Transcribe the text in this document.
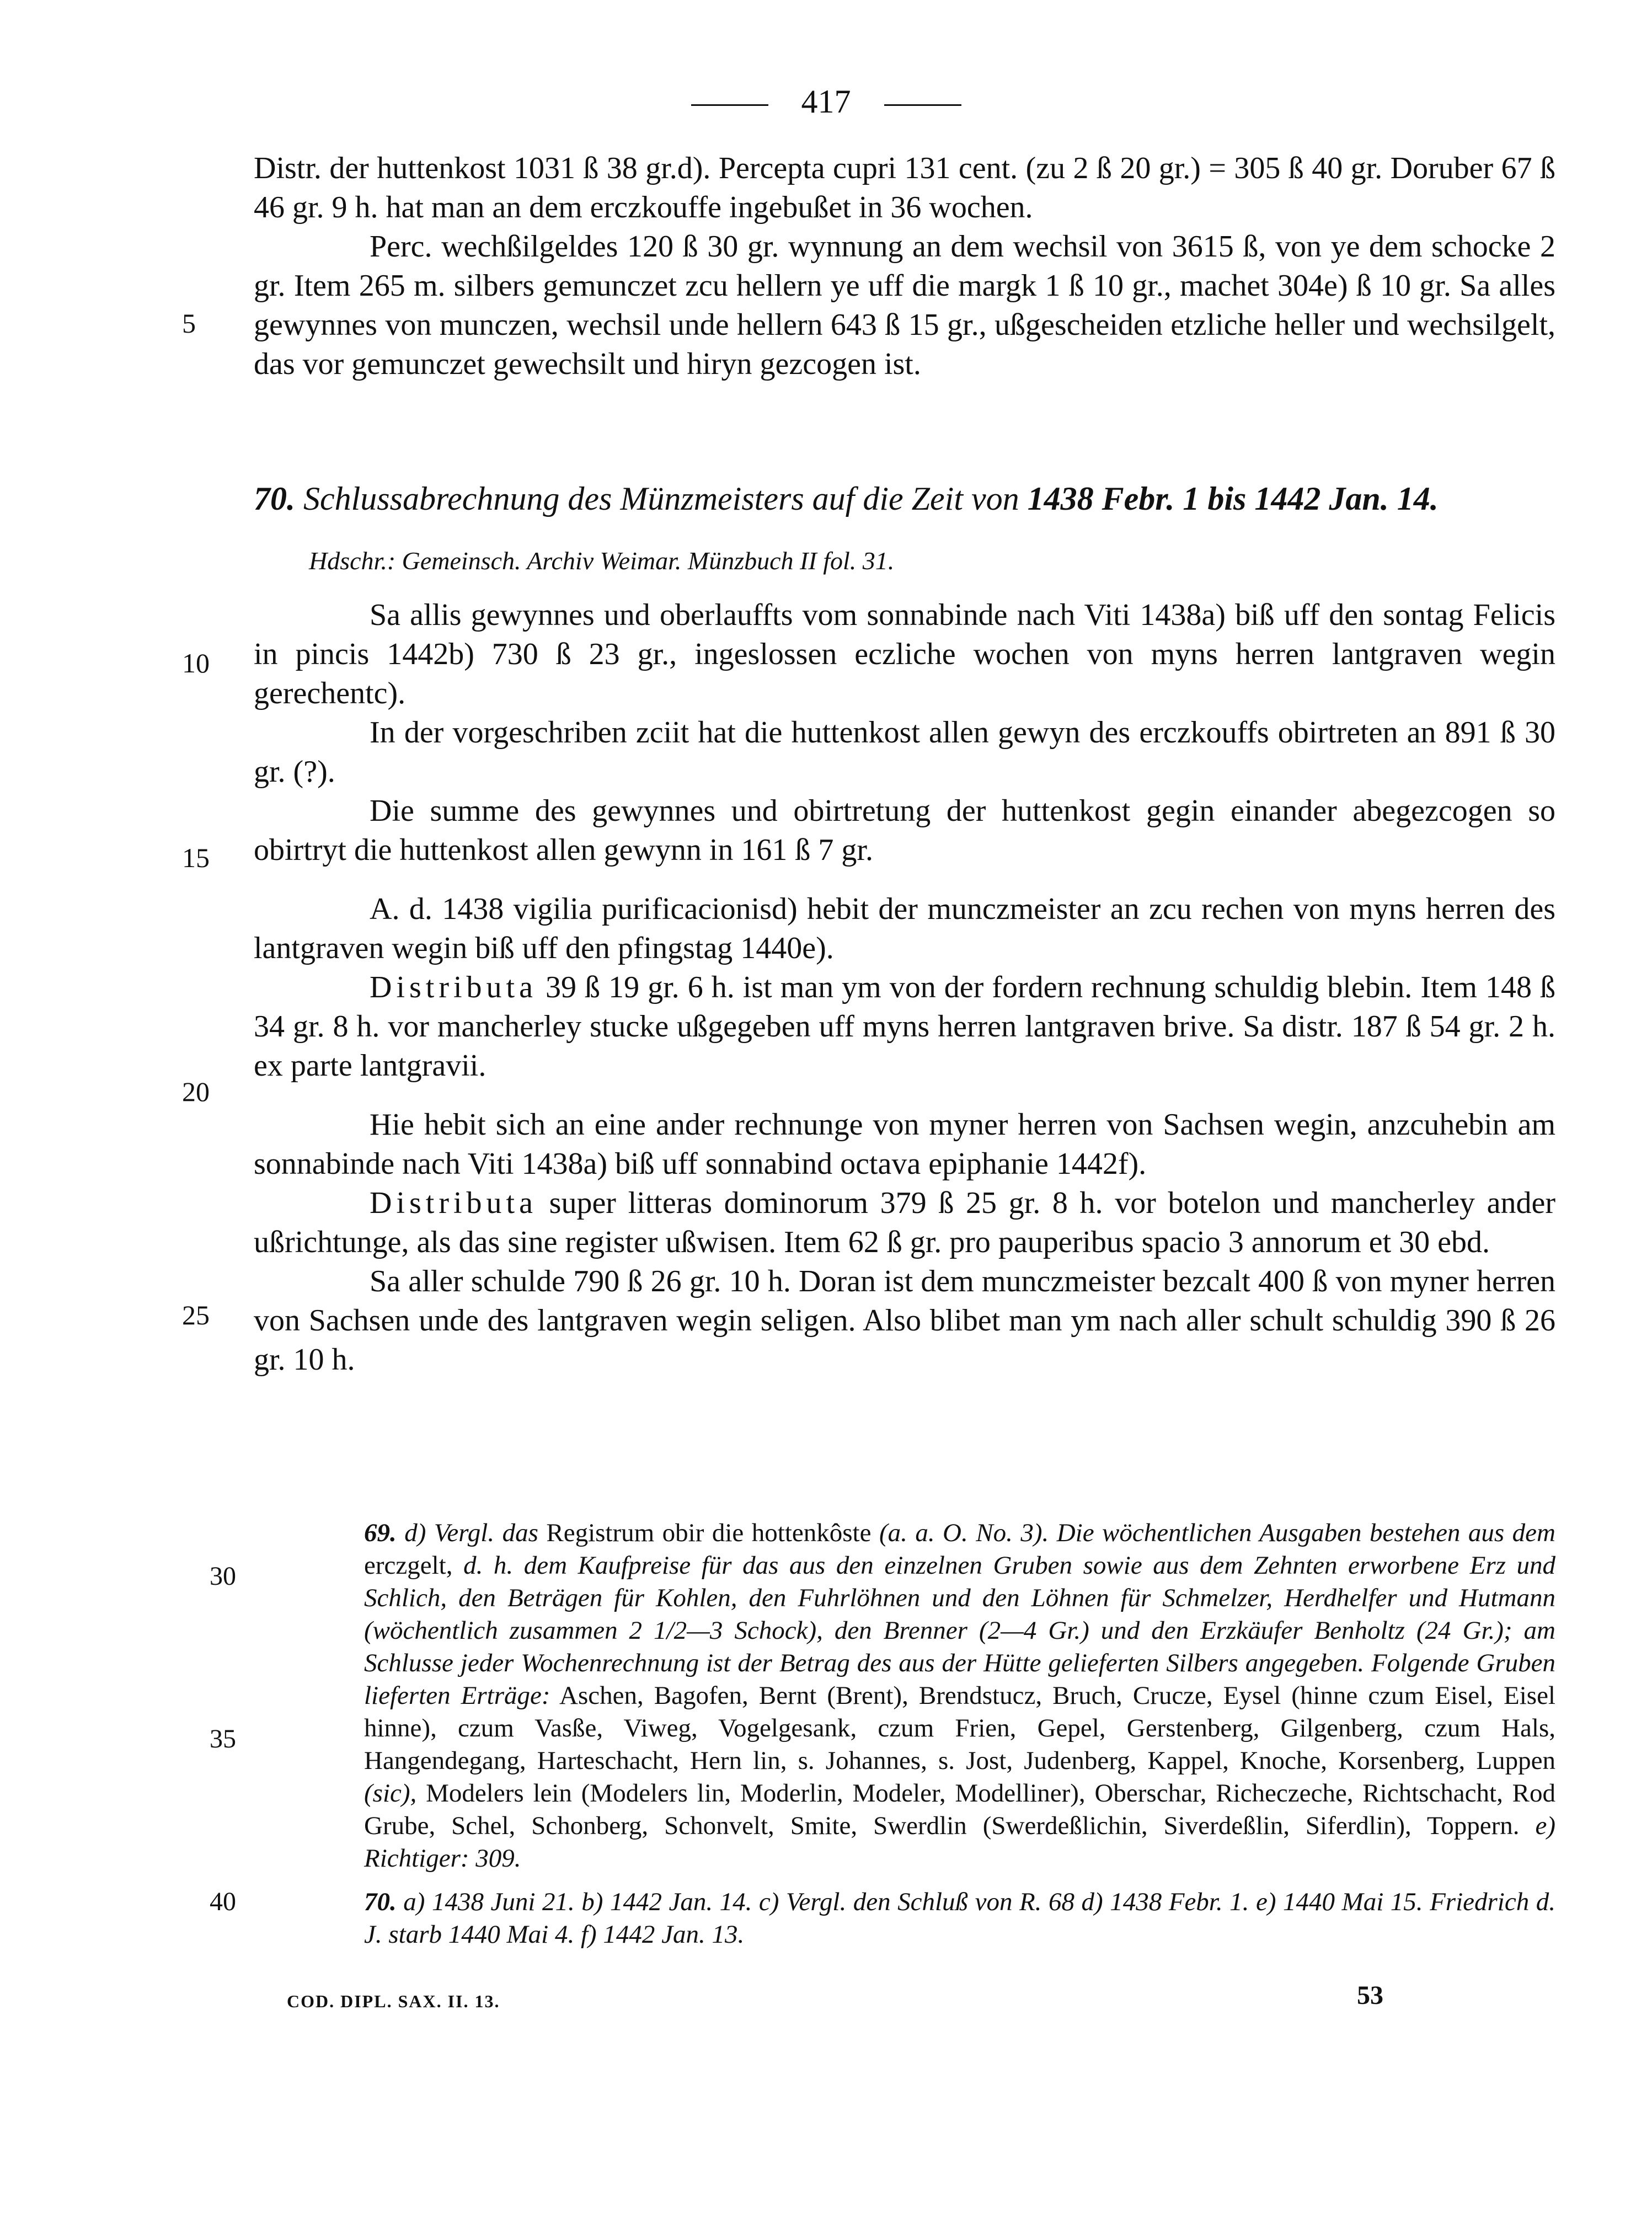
417

Distr. der huttenkost 1031 ß 38 gr.d). Percepta cupri 131 cent. (zu 2 ß 20 gr.) = 305 ß 40 gr. Doruber 67 ß 46 gr. 9 h. hat man an dem erczkouffe ingebußet in 36 wochen.

Perc. wechßilgeldes 120 ß 30 gr. wynnung an dem wechsil von 3615 ß, von ye dem schocke 2 gr. Item 265 m. silbers gemunczet zcu hellern ye uff die margk 1 ß 10 gr., machet 304e) ß 10 gr. Sa alles gewynnes von munczen, wechsil unde hellern 643 ß 15 gr., ußgescheiden etzliche heller und wechsilgelt, das vor gemunczet gewechsilt und hiryn gezcogen ist.

5
70. Schlussabrechnung des Münzmeisters auf die Zeit von 1438 Febr. 1 bis 1442 Jan. 14.
Hdschr.: Gemeinsch. Archiv Weimar. Münzbuch II fol. 31.

Sa allis gewynnes und oberlauffts vom sonnabinde nach Viti 1438a) biß uff den sontag Felicis in pincis 1442b) 730 ß 23 gr., ingeslossen eczliche wochen von myns herren lantgraven wegin gerechentc).

In der vorgeschriben zciit hat die huttenkost allen gewyn des erczkouffs obirtreten an 891 ß 30 gr. (?).

Die summe des gewynnes und obirtretung der huttenkost gegin einander abegezcogen so obirtryt die huttenkost allen gewynn in 161 ß 7 gr.

A. d. 1438 vigilia purificacionisd) hebit der munczmeister an zcu rechen von myns herren des lantgraven wegin biß uff den pfingstag 1440e).

Distributa 39 ß 19 gr. 6 h. ist man ym von der fordern rechnung schuldig blebin. Item 148 ß 34 gr. 8 h. vor mancherley stucke ußgegeben uff myns herren lantgraven brive. Sa distr. 187 ß 54 gr. 2 h. ex parte lantgravii.

Hie hebit sich an eine ander rechnunge von myner herren von Sachsen wegin, anzcuhebin am sonnabinde nach Viti 1438a) biß uff sonnabind octava epiphanie 1442f).

Distributa super litteras dominorum 379 ß 25 gr. 8 h. vor botelon und mancherley ander ußrichtunge, als das sine register ußwisen. Item 62 ß gr. pro pauperibus spacio 3 annorum et 30 ebd.

Sa aller schulde 790 ß 26 gr. 10 h. Doran ist dem munczmeister bezcalt 400 ß von myner herren von Sachsen unde des lantgraven wegin seligen. Also blibet man ym nach aller schult schuldig 390 ß 26 gr. 10 h.

10
15
20
25

69. d) Vergl. das Registrum obir die hottenkôste (a. a. O. No. 3). Die wöchentlichen Ausgaben bestehen aus dem erczgelt, d. h. dem Kaufpreise für das aus den einzelnen Gruben sowie aus dem Zehnten erworbene Erz und Schlich, den Beträgen für Kohlen, den Fuhrlöhnen und den Löhnen für Schmelzer, Herdhelfer und Hutmann (wöchentlich zusammen 2 1/2—3 Schock), den Brenner (2—4 Gr.) und den Erzkäufer Benholtz (24 Gr.); am Schlusse jeder Wochenrechnung ist der Betrag des aus der Hütte gelieferten Silbers angegeben. Folgende Gruben lieferten Erträge: Aschen, Bagofen, Bernt (Brent), Brendstucz, Bruch, Crucze, Eysel (hinne czum Eisel, Eisel hinne), czum Vasße, Viweg, Vogelgesank, czum Frien, Gepel, Gerstenberg, Gilgenberg, czum Hals, Hangendegang, Harteschacht, Hern lin, s. Johannes, s. Jost, Judenberg, Kappel, Knoche, Korsenberg, Luppen (sic), Modelers lein (Modelers lin, Moderlin, Modeler, Modelliner), Oberschar, Richeczeche, Richtschacht, Rod Grube, Schel, Schonberg, Schonvelt, Smite, Swerdlin (Swerdeßlichin, Siverdeßlin, Siferdlin), Toppern. e) Richtiger: 309.

70. a) 1438 Juni 21. b) 1442 Jan. 14. c) Vergl. den Schluß von R. 68 d) 1438 Febr. 1. e) 1440 Mai 15. Friedrich d. J. starb 1440 Mai 4. f) 1442 Jan. 13.

30
35
40
COD. DIPL. SAX. II. 13.	53
